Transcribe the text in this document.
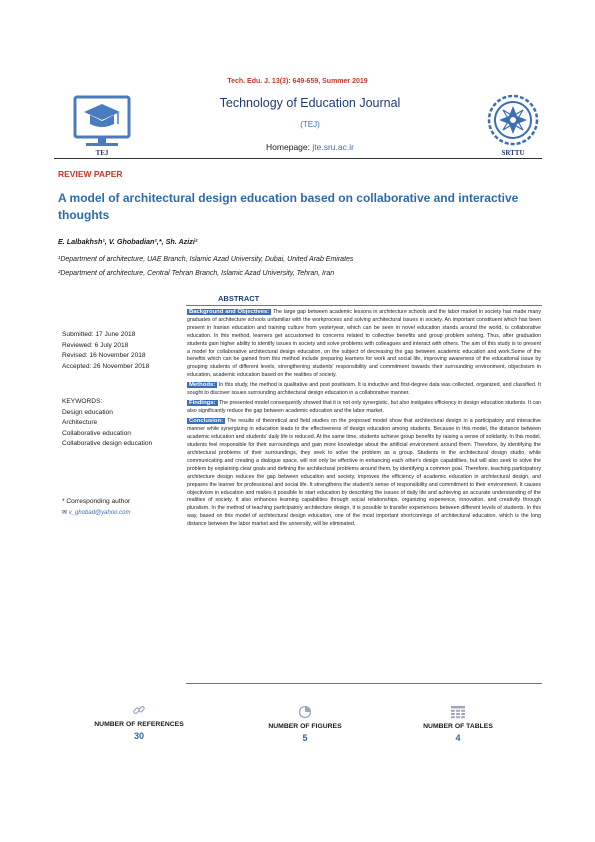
Tech. Edu. J. 13(3): 649-659, Summer 2019
TEJ
Technology of Education Journal
(TEJ)
Homepage: jte.sru.ac.ir
SRTTU
REVIEW PAPER
A model of architectural design education based on collaborative and interactive thoughts
E. Lalbakhsh¹, V. Ghobadian²,*, Sh. Azizi²
¹Department of architecture, UAE Branch, Islamic Azad University, Dubai, United Arab Emirates
²Department of architecture, Central Tehran Branch, Islamic Azad University, Tehran, Iran
ABSTRACT
Submitted: 17 June 2018
Reviewed: 6 July 2018
Revised: 16 November 2018
Accepted: 26 November 2018
KEYWORDS:
Design education
Architecture
Collaborative education
Collaborative design education
* Corresponding author
✉ v_ghobad@yahoo.com

Background and Objectives: The large gap between academic lessons in architecture schools and the labor market in society has made many graduates of architecture schools unfamiliar with the workprocess and solving architectural issues in society. An important constituent which has been present in Iranian education and training culture from yesteryear, which can be seen in novel education stands around the world, is collaborative education. In this method, learners get accustomed to concerns related to collective benefits and group problem solving. Thus, after graduation students gain higher ability to identify issues in society and solve problems with colleagues and interact with others. The aim of this study is to present a model for collaborative architectural design education, on the subject of decreasing the gap between academic education and work.Some of the benefits which can be gained from this method include preparing learners for work and social life, improving awareness of the educational issue by grouping students of different levels, strengthening students' responsibility and commitment towards their surrounding environment, objectivism in education, academic education based on the realities of society.

Methods: In this study, the method is qualitative and post positivism. It is inductive and first-degree data was collected, organized, and classified. It sought to discover issues surrounding architectural design education in a collaborative manner.

Findings: The presented model consequently showed that it is not only synergistic, but also instigates efficiency in design education students. It can also significantly reduce the gap between academic education and the labor market.

Conclusion: The results of theoretical and field studies on the proposed model show that architectural design in a participatory and interactive manner while synergizing in education leads to the effectiveness of design education among students. Because in this model, the distance between academic education and students' daily life is reduced. At the same time, students achieve group benefits by raising a sense of solidarity. In this model, students feel responsible for their surroundings and gain more knowledge about the artificial environment around them. Therefore, by identifying the architectural problems of their surroundings, they seek to solve the problem as a group. Students in the architectural design studio, while communicating and creating a dialogue space, will not only be effective in enhancing each other's design capabilities, but will also seek to solve the problem by explaining clear goals and defining the architectural problems around them, by identifying a common goal. Therefore, teaching participatory architecture design reduces the gap between education and society, improves the efficiency of academic education in architectural design, and prepares the learner for professional and social life. It strengthens the student's sense of responsibility and commitment to their environment. It causes objectivism in education and makes it possible to start education by describing the issues of daily life and achieving an accurate understanding of the realities of society. It also enhances learning capabilities through social relationships, organizing experience, innovation, and creativity through pluralism. In the method of teaching participatory architecture design, it is possible to transfer experiences between different levels of students. In this way, based on this model of architectural design education, one of the most important shortcomings of architectural education, which is the long distance between the labor market and the university, will be eliminated.

NUMBER OF REFERENCES
30
NUMBER OF FIGURES
5
NUMBER OF TABLES
4
